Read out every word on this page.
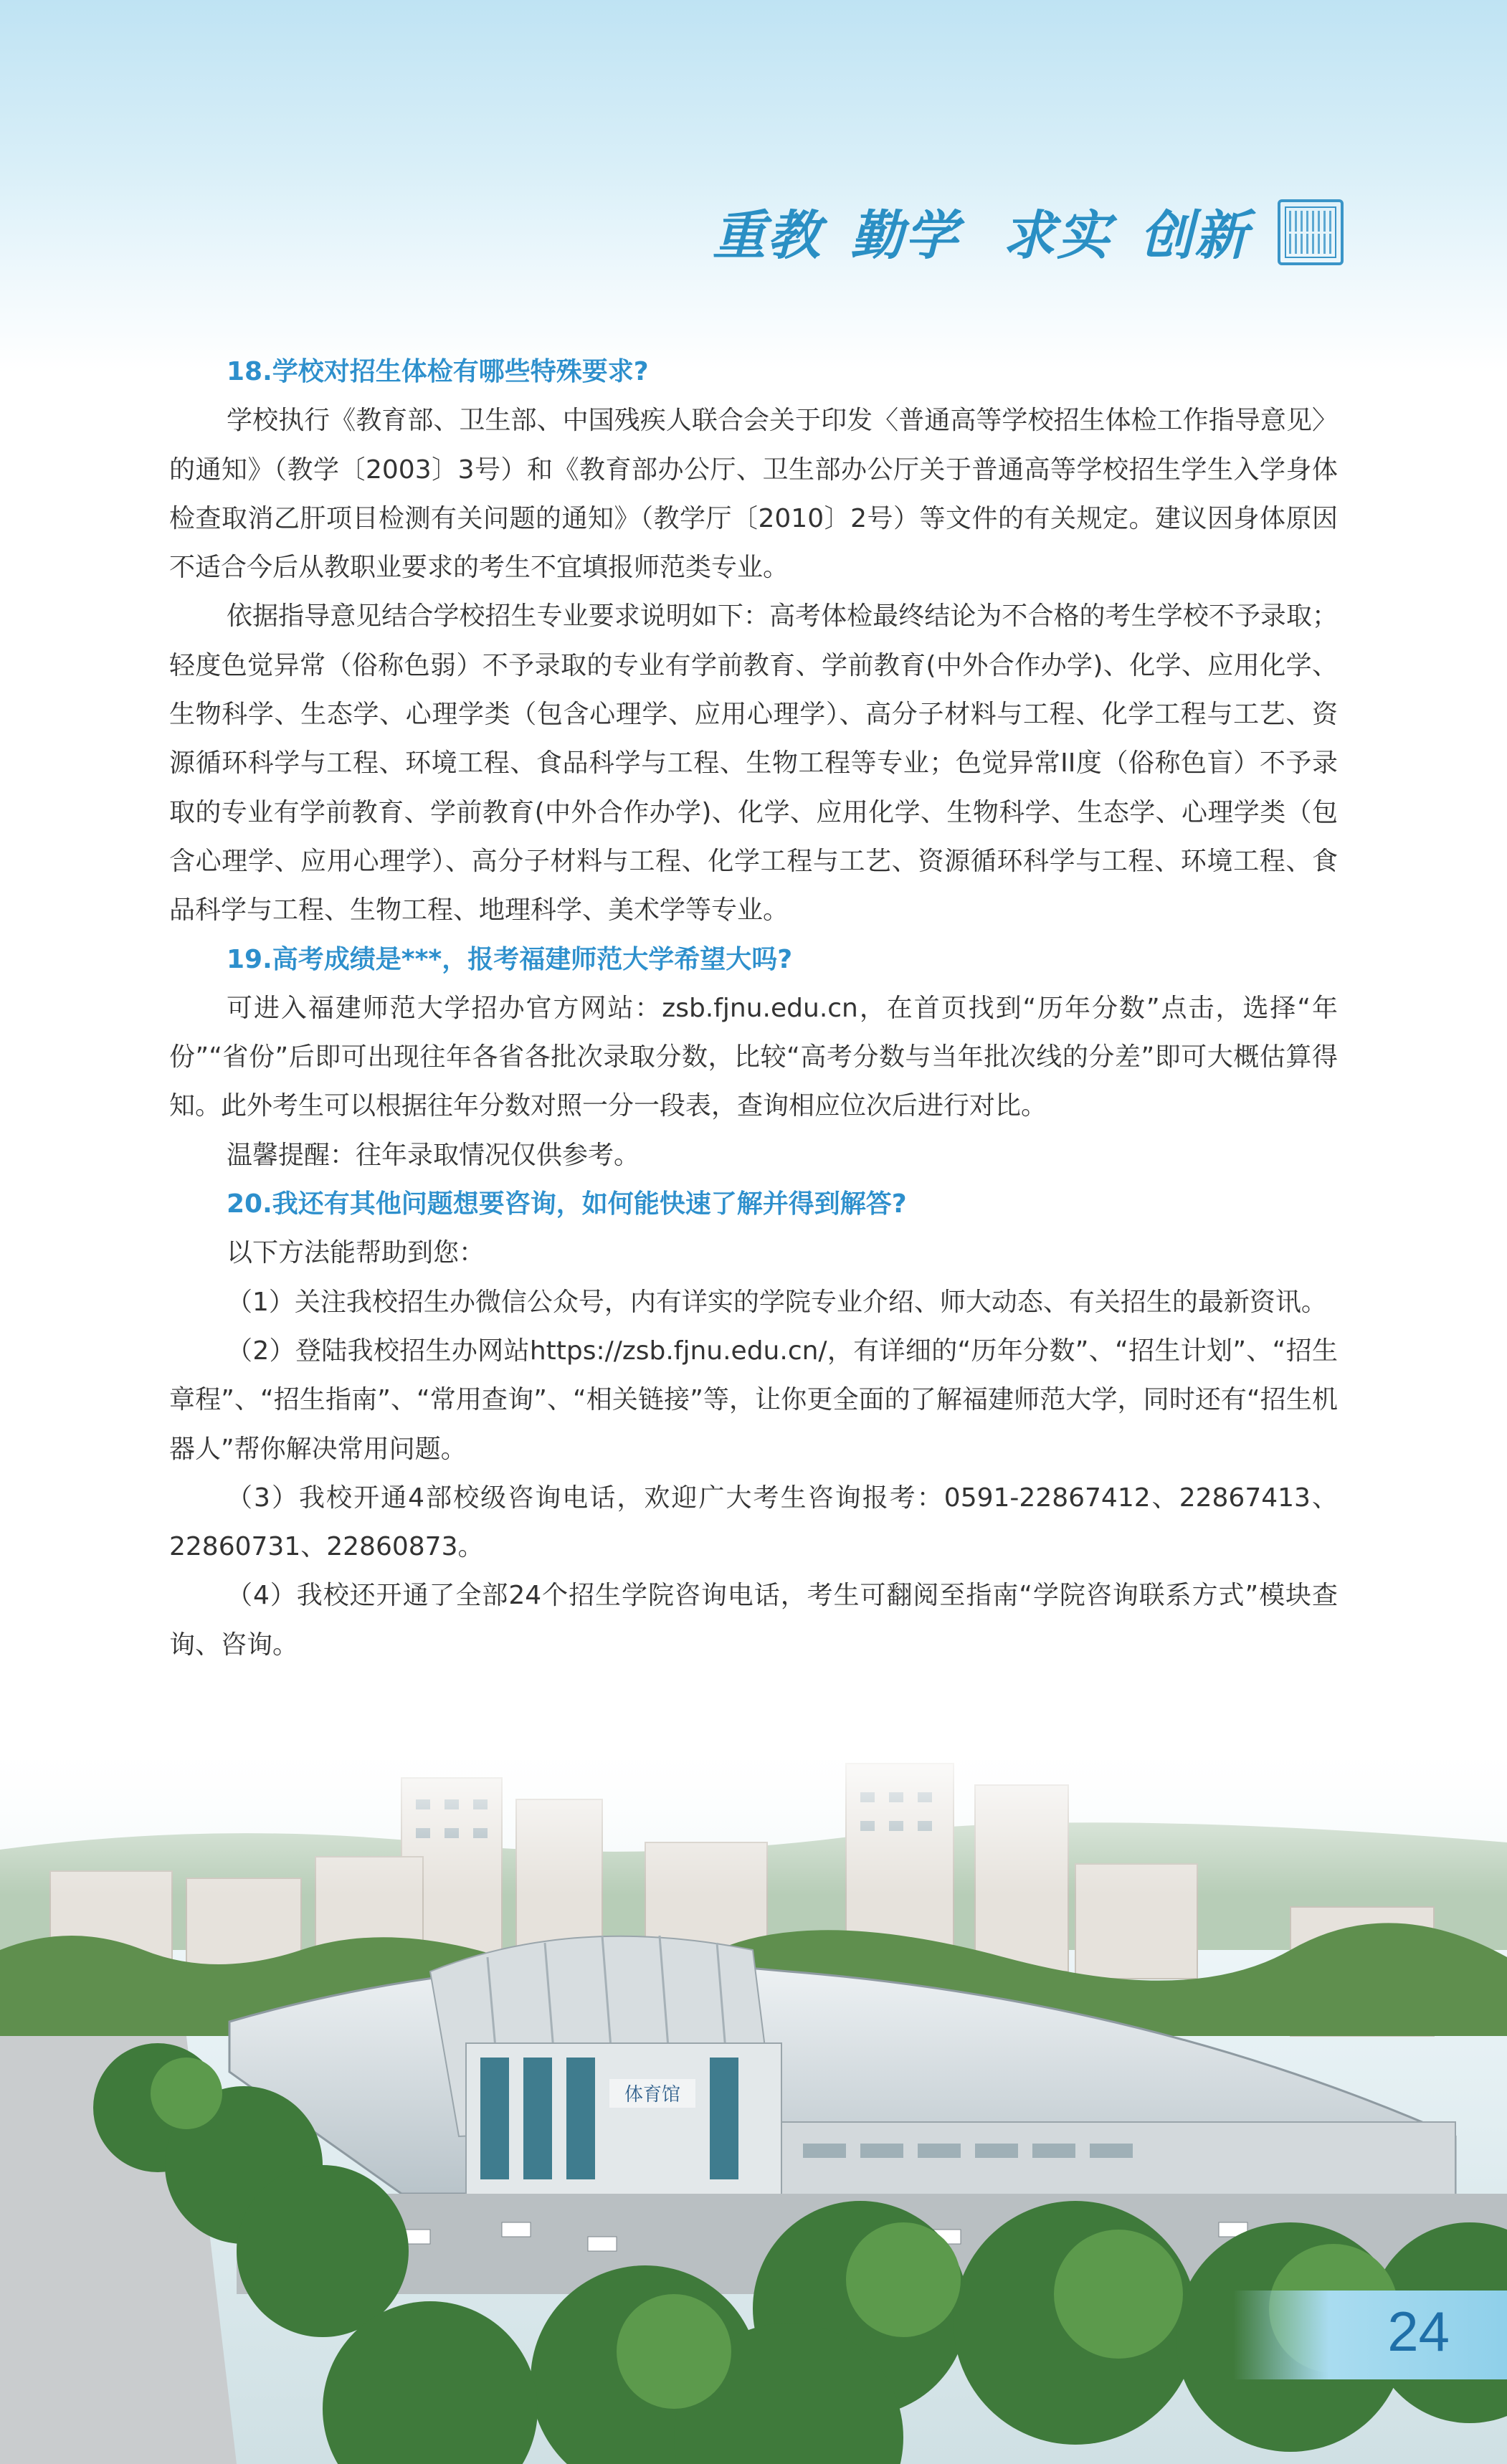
重教 勤学 求实 创新

18.学校对招生体检有哪些特殊要求?

学校执行《教育部、卫生部、中国残疾人联合会关于印发〈普通高等学校招生体检工作指导意见〉的通知》（教学〔2003〕3号）和《教育部办公厅、卫生部办公厅关于普通高等学校招生学生入学身体检查取消乙肝项目检测有关问题的通知》（教学厅〔2010〕2号）等文件的有关规定。建议因身体原因不适合今后从教职业要求的考生不宜填报师范类专业。

依据指导意见结合学校招生专业要求说明如下：高考体检最终结论为不合格的考生学校不予录取；轻度色觉异常（俗称色弱）不予录取的专业有学前教育、学前教育(中外合作办学)、化学、应用化学、生物科学、生态学、心理学类（包含心理学、应用心理学）、高分子材料与工程、化学工程与工艺、资源循环科学与工程、环境工程、食品科学与工程、生物工程等专业；色觉异常II度（俗称色盲）不予录取的专业有学前教育、学前教育(中外合作办学)、化学、应用化学、生物科学、生态学、心理学类（包含心理学、应用心理学）、高分子材料与工程、化学工程与工艺、资源循环科学与工程、环境工程、食品科学与工程、生物工程、地理科学、美术学等专业。

19.高考成绩是***，报考福建师范大学希望大吗?

可进入福建师范大学招办官方网站：zsb.fjnu.edu.cn，在首页找到“历年分数”点击，选择“年份”“省份”后即可出现往年各省各批次录取分数，比较“高考分数与当年批次线的分差”即可大概估算得知。此外考生可以根据往年分数对照一分一段表，查询相应位次后进行对比。

温馨提醒：往年录取情况仅供参考。

20.我还有其他问题想要咨询，如何能快速了解并得到解答?

以下方法能帮助到您：

（1）关注我校招生办微信公众号，内有详实的学院专业介绍、师大动态、有关招生的最新资讯。

（2）登陆我校招生办网站https://zsb.fjnu.edu.cn/，有详细的“历年分数”、“招生计划”、“招生章程”、“招生指南”、“常用查询”、“相关链接”等，让你更全面的了解福建师范大学，同时还有“招生机器人”帮你解决常用问题。

（3）我校开通4部校级咨询电话，欢迎广大考生咨询报考：0591-22867412、22867413、22860731、22860873。

（4）我校还开通了全部24个招生学院咨询电话，考生可翻阅至指南“学院咨询联系方式”模块查询、咨询。

24
